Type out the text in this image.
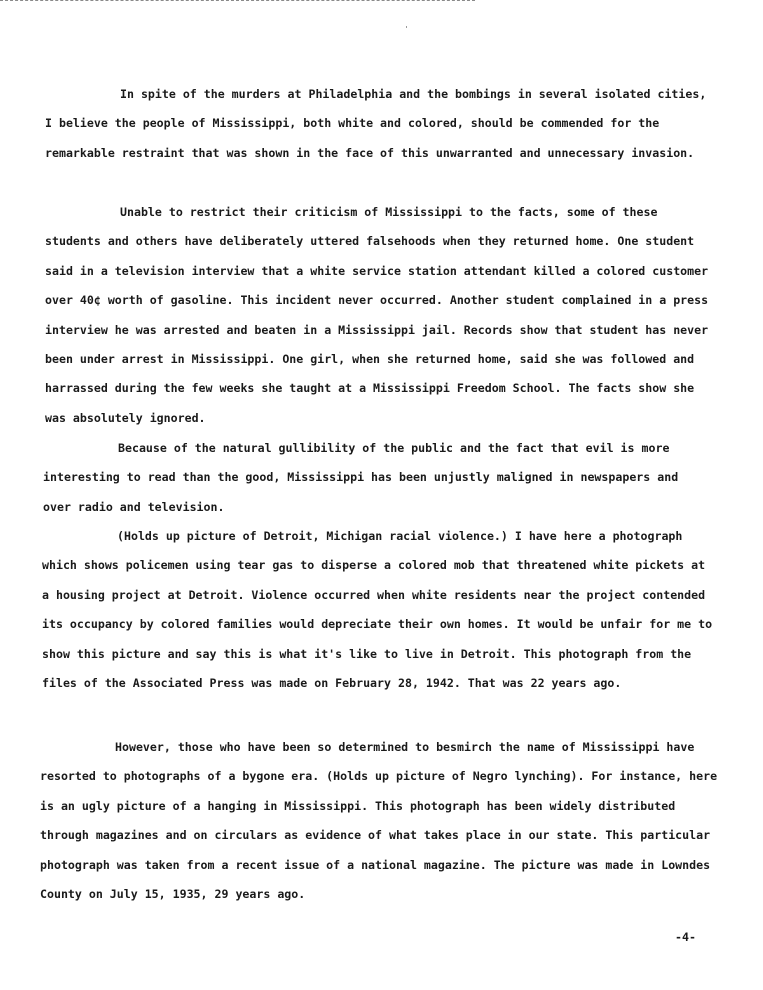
In spite of the murders at Philadelphia and the bombings in several isolated cities, I believe the people of Mississippi, both white and colored, should be commended for the remarkable restraint that was shown in the face of this unwarranted and unnecessary invasion.

Unable to restrict their criticism of Mississippi to the facts, some of these students and others have deliberately uttered falsehoods when they returned home. One student said in a television interview that a white service station attendant killed a colored customer over 40¢ worth of gasoline. This incident never occurred. Another student complained in a press interview he was arrested and beaten in a Mississippi jail. Records show that student has never been under arrest in Mississippi. One girl, when she returned home, said she was followed and harrassed during the few weeks she taught at a Mississippi Freedom School. The facts show she was absolutely ignored.

Because of the natural gullibility of the public and the fact that evil is more interesting to read than the good, Mississippi has been unjustly maligned in newspapers and over radio and television.

(Holds up picture of Detroit, Michigan racial violence.) I have here a photograph which shows policemen using tear gas to disperse a colored mob that threatened white pickets at a housing project at Detroit. Violence occurred when white residents near the project contended its occupancy by colored families would depreciate their own homes. It would be unfair for me to show this picture and say this is what it's like to live in Detroit. This photograph from the files of the Associated Press was made on February 28, 1942. That was 22 years ago.

However, those who have been so determined to besmirch the name of Mississippi have resorted to photographs of a bygone era. (Holds up picture of Negro lynching). For instance, here is an ugly picture of a hanging in Mississippi. This photograph has been widely distributed through magazines and on circulars as evidence of what takes place in our state. This particular photograph was taken from a recent issue of a national magazine. The picture was made in Lowndes County on July 15, 1935, 29 years ago.

-4-
